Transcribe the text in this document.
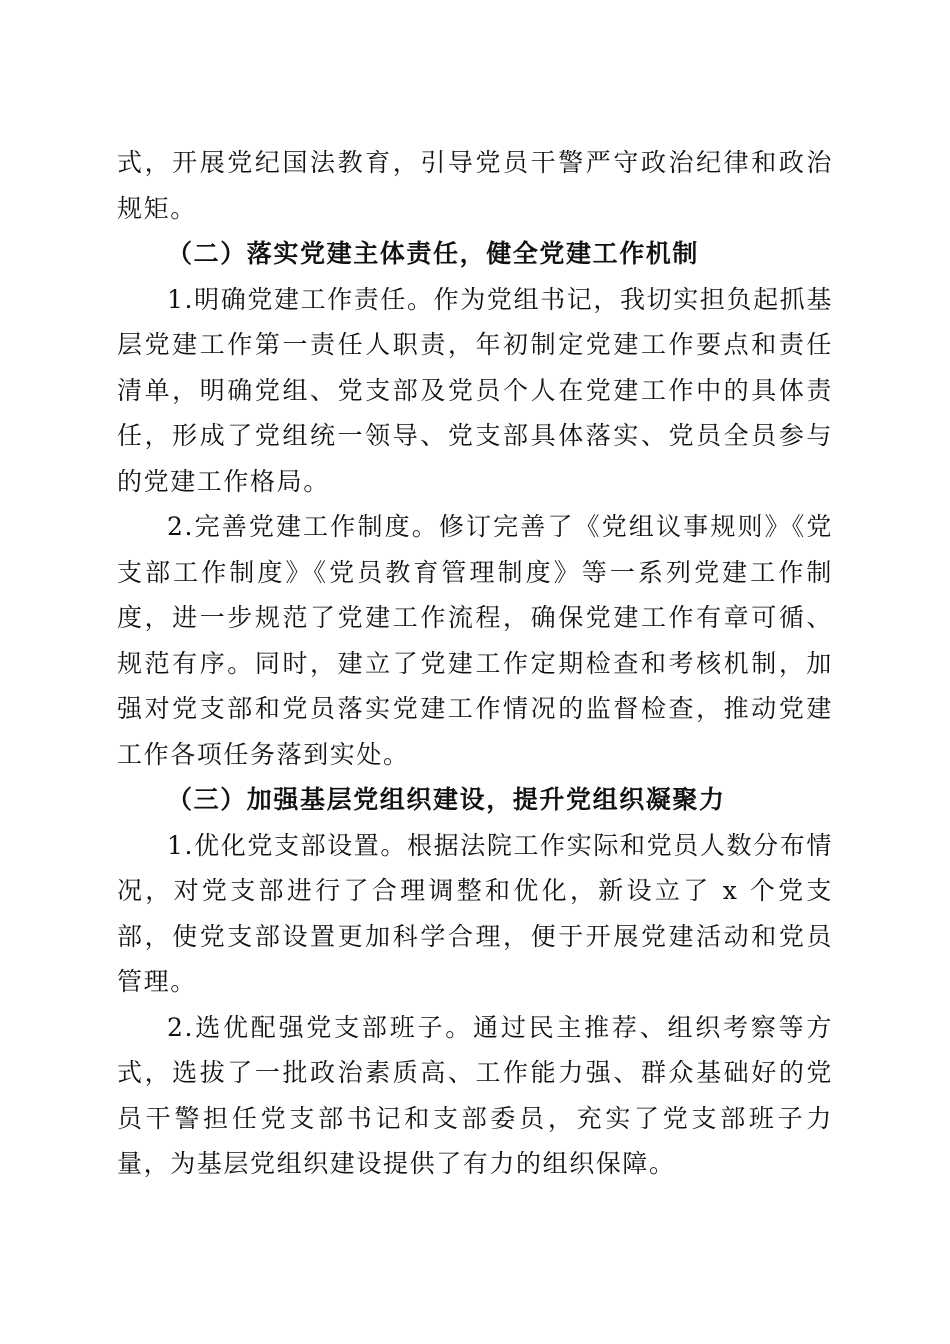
式，开展党纪国法教育，引导党员干警严守政治纪律和政治规矩。

（二）落实党建主体责任，健全党建工作机制

1.明确党建工作责任。作为党组书记，我切实担负起抓基层党建工作第一责任人职责，年初制定党建工作要点和责任清单，明确党组、党支部及党员个人在党建工作中的具体责任，形成了党组统一领导、党支部具体落实、党员全员参与的党建工作格局。

2.完善党建工作制度。修订完善了《党组议事规则》《党支部工作制度》《党员教育管理制度》等一系列党建工作制度，进一步规范了党建工作流程，确保党建工作有章可循、规范有序。同时，建立了党建工作定期检查和考核机制，加强对党支部和党员落实党建工作情况的监督检查，推动党建工作各项任务落到实处。

（三）加强基层党组织建设，提升党组织凝聚力

1.优化党支部设置。根据法院工作实际和党员人数分布情况，对党支部进行了合理调整和优化，新设立了 x 个党支部，使党支部设置更加科学合理，便于开展党建活动和党员管理。

2.选优配强党支部班子。通过民主推荐、组织考察等方式，选拔了一批政治素质高、工作能力强、群众基础好的党员干警担任党支部书记和支部委员，充实了党支部班子力量，为基层党组织建设提供了有力的组织保障。
